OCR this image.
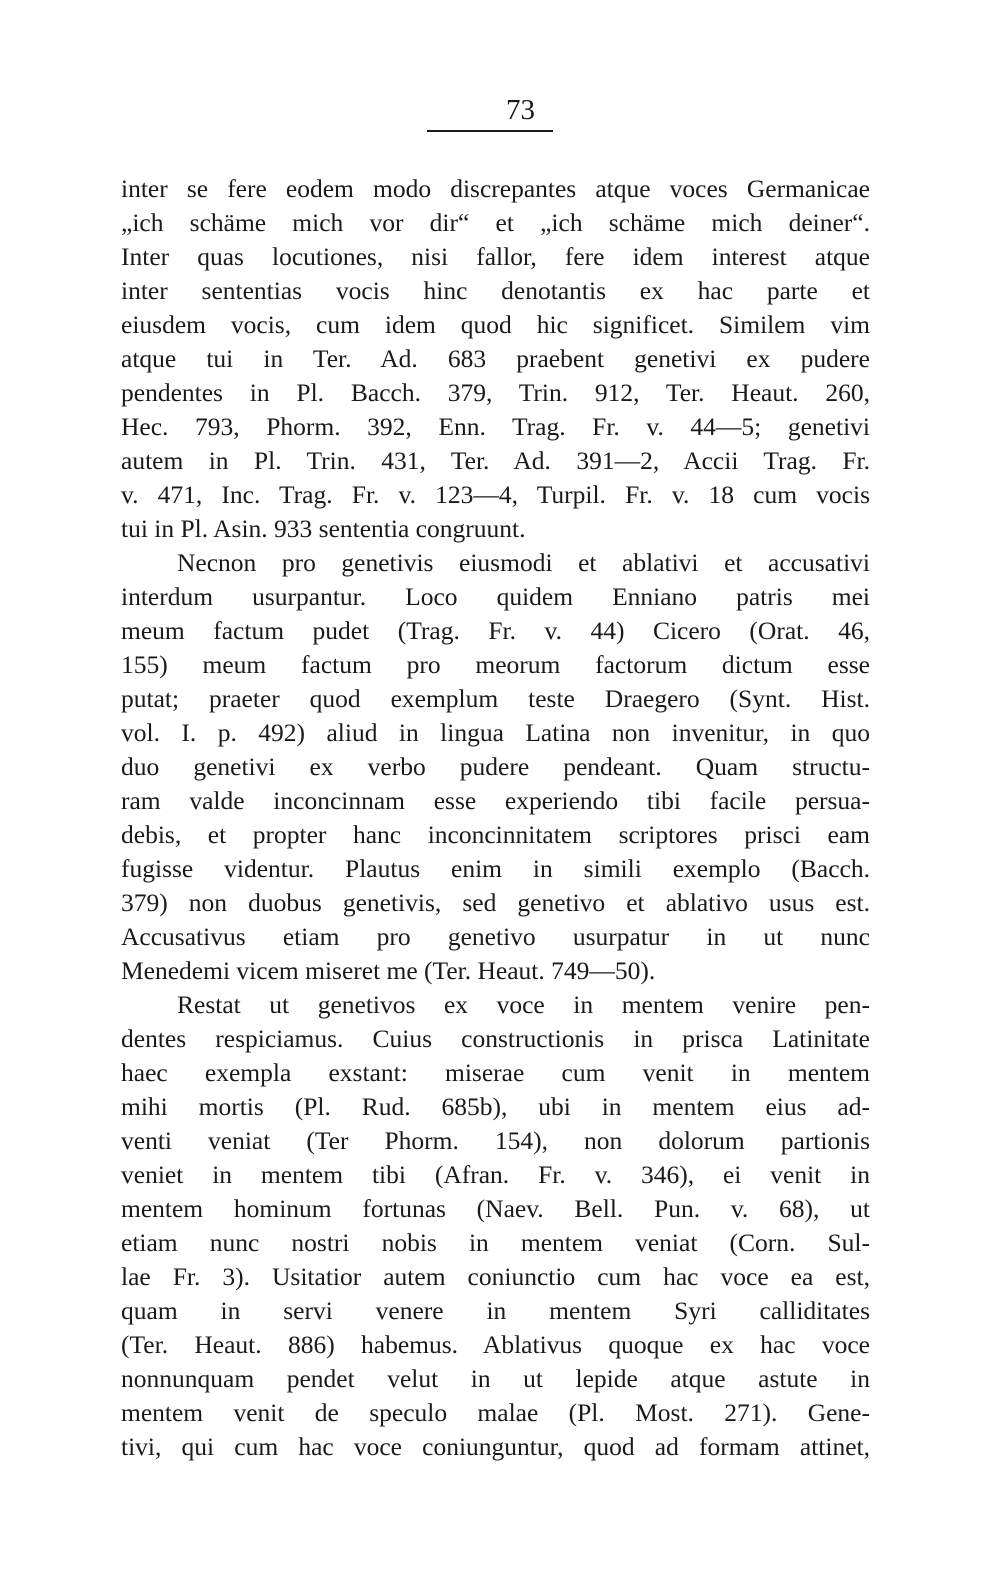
73
inter se fere eodem modo discrepantes atque voces Germanicae
„ich schäme mich vor dir“ et „ich schäme mich deiner“.
Inter quas locutiones, nisi fallor, fere idem interest atque
inter sententias vocis hinc denotantis ex hac parte et
eiusdem vocis, cum idem quod hic significet. Similem vim
atque tui in Ter. Ad. 683 praebent genetivi ex pudere
pendentes in Pl. Bacch. 379, Trin. 912, Ter. Heaut. 260,
Hec. 793, Phorm. 392, Enn. Trag. Fr. v. 44—5; genetivi
autem in Pl. Trin. 431, Ter. Ad. 391—2, Accii Trag. Fr.
v. 471, Inc. Trag. Fr. v. 123—4, Turpil. Fr. v. 18 cum vocis
tui in Pl. Asin. 933 sententia congruunt.
Necnon pro genetivis eiusmodi et ablativi et accusativi
interdum usurpantur. Loco quidem Enniano patris mei
meum factum pudet (Trag. Fr. v. 44) Cicero (Orat. 46,
155) meum factum pro meorum factorum dictum esse
putat; praeter quod exemplum teste Draegero (Synt. Hist.
vol. I. p. 492) aliud in lingua Latina non invenitur, in quo
duo genetivi ex verbo pudere pendeant. Quam structu-
ram valde inconcinnam esse experiendo tibi facile persua-
debis, et propter hanc inconcinnitatem scriptores prisci eam
fugisse videntur. Plautus enim in simili exemplo (Bacch.
379) non duobus genetivis, sed genetivo et ablativo usus est.
Accusativus etiam pro genetivo usurpatur in ut nunc
Menedemi vicem miseret me (Ter. Heaut. 749—50).
Restat ut genetivos ex voce in mentem venire pen-
dentes respiciamus. Cuius constructionis in prisca Latinitate
haec exempla exstant: miserae cum venit in mentem
mihi mortis (Pl. Rud. 685b), ubi in mentem eius ad-
venti veniat (Ter Phorm. 154), non dolorum partionis
veniet in mentem tibi (Afran. Fr. v. 346), ei venit in
mentem hominum fortunas (Naev. Bell. Pun. v. 68), ut
etiam nunc nostri nobis in mentem veniat (Corn. Sul-
lae Fr. 3). Usitatior autem coniunctio cum hac voce ea est,
quam in servi venere in mentem Syri calliditates
(Ter. Heaut. 886) habemus. Ablativus quoque ex hac voce
nonnunquam pendet velut in ut lepide atque astute in
mentem venit de speculo malae (Pl. Most. 271). Gene-
tivi, qui cum hac voce coniunguntur, quod ad formam attinet,
